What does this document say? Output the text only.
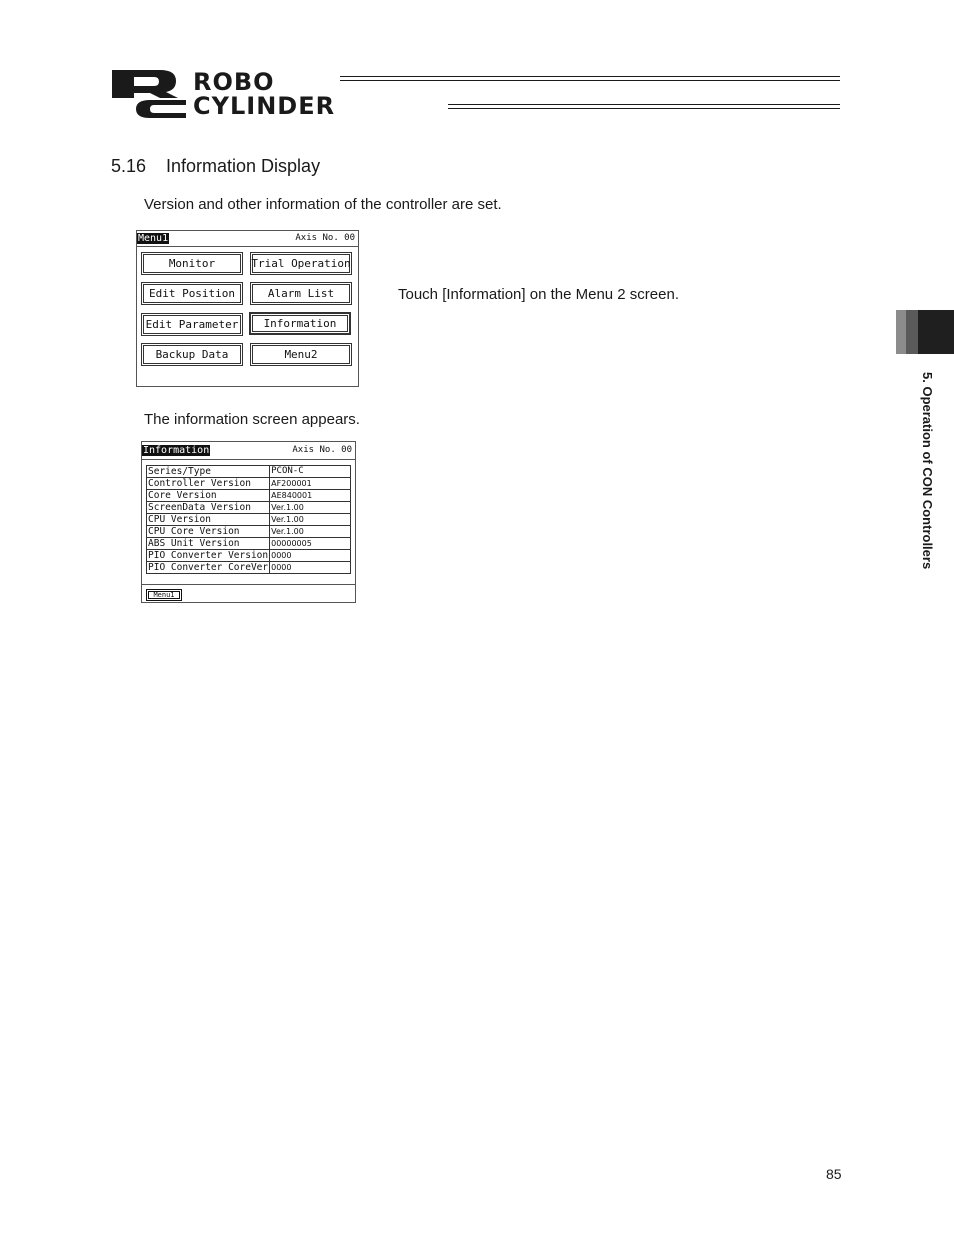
ROBO
CYLINDER
5.16 Information Display
Version and other information of the controller are set.
Menu1	Axis No. 00
Monitor	Trial Operation
Edit Position	Alarm List
Edit Parameter	Information
Backup Data	Menu2
Touch [Information] on the Menu 2 screen.
The information screen appears.
Information	Axis No. 00
Series/Type	PCON-C
Controller Version	AF200001
Core Version	AE840001
ScreenData Version	Ver.1.00
CPU Version	Ver.1.00
CPU Core Version	Ver.1.00
ABS Unit Version	00000005
PIO Converter Version	0000
PIO Converter CoreVer	0000
Menu1
5. Operation of CON Controllers
85
